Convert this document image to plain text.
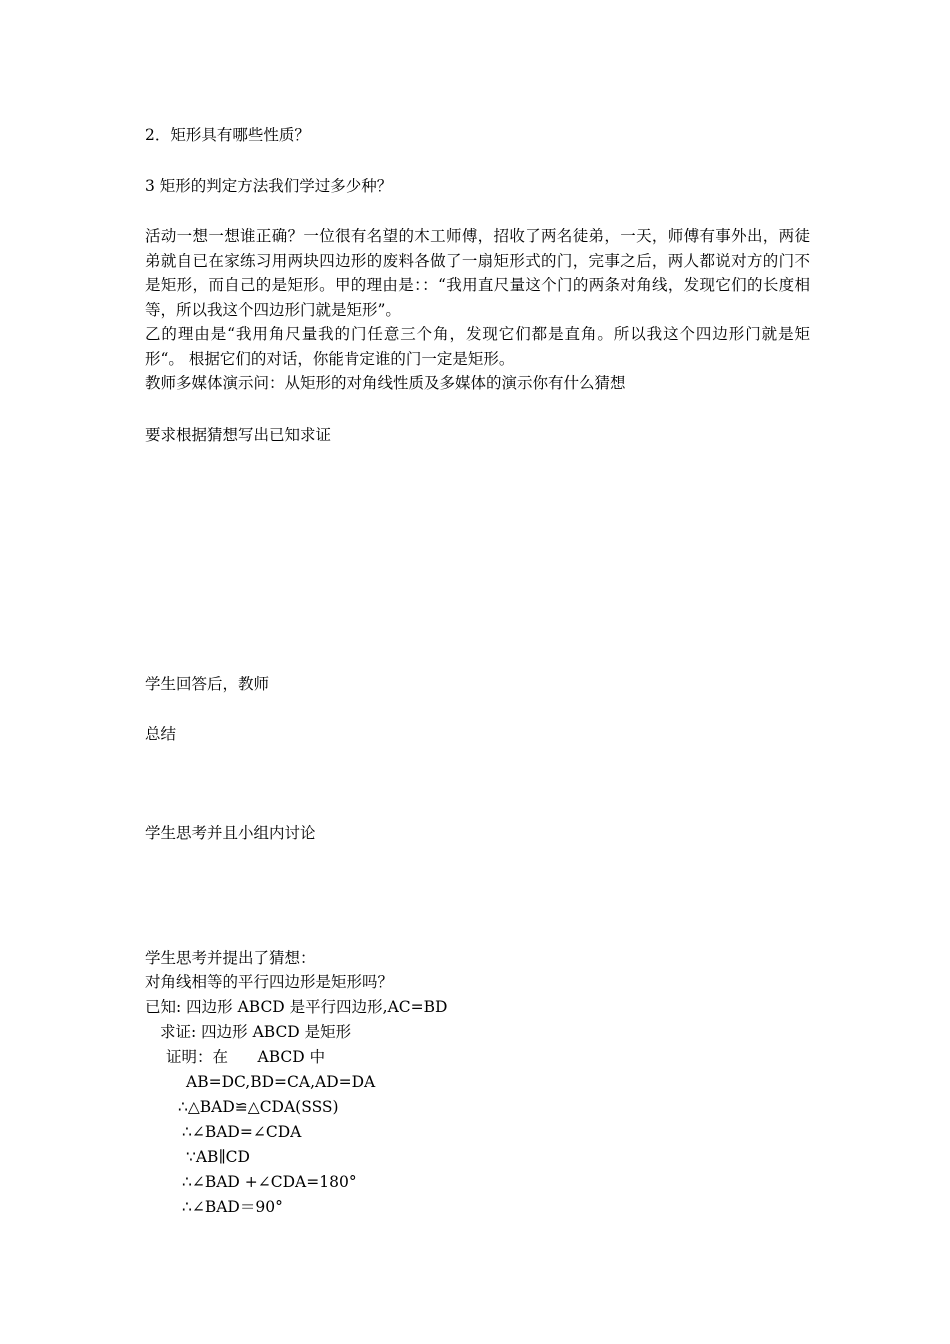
2．矩形具有哪些性质？
3 矩形的判定方法我们学过多少种？

活动一想一想谁正确？一位很有名望的木工师傅，招收了两名徒弟，一天，师傅有事外出，两徒弟就自已在家练习用两块四边形的废料各做了一扇矩形式的门，完事之后，两人都说对方的门不是矩形，而自己的是矩形。甲的理由是：：“我用直尺量这个门的两条对角线，发现它们的长度相等，所以我这个四边形门就是矩形”。

乙的理由是“我用角尺量我的门任意三个角，发现它们都是直角。所以我这个四边形门就是矩形“。 根据它们的对话，你能肯定谁的门一定是矩形。

教师多媒体演示问：从矩形的对角线性质及多媒体的演示你有什么猜想

要求根据猜想写出已知求证
学生回答后，教师
总结
学生思考并且小组内讨论
学生思考并提出了猜想：
对角线相等的平行四边形是矩形吗？
已知: 四边形 ABCD 是平行四边形,AC=BD
求证: 四边形 ABCD 是矩形
证明：在      ABCD 中
AB=DC,BD=CA,AD=DA
∴△BAD≌△CDA(SSS)
∴∠BAD=∠CDA
∵AB∥CD
∴∠BAD +∠CDA=180°
∴∠BAD＝90°
